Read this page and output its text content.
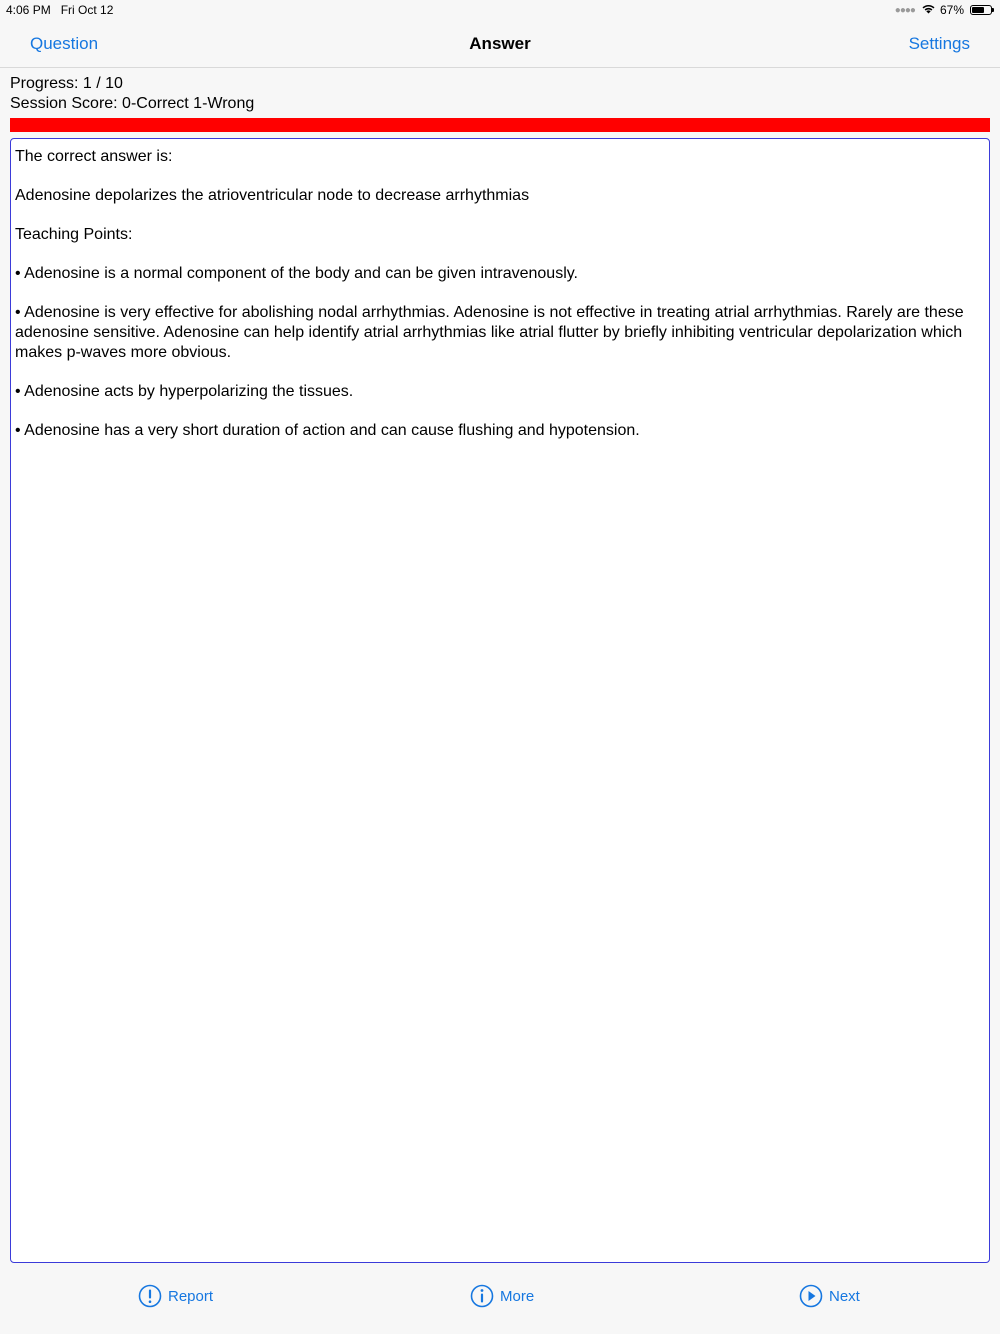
4:06 PM Fri Oct 12	●●●● 67%
Question	Answer	Settings
Progress: 1 / 10
Session Score: 0-Correct 1-Wrong

The correct answer is:

Adenosine depolarizes the atrioventricular node to decrease arrhythmias

Teaching Points:

• Adenosine is a normal component of the body and can be given intravenously.

• Adenosine is very effective for abolishing nodal arrhythmias. Adenosine is not effective in treating atrial arrhythmias. Rarely are these adenosine sensitive. Adenosine can help identify atrial arrhythmias like atrial flutter by briefly inhibiting ventricular depolarization which makes p-waves more obvious.

• Adenosine acts by hyperpolarizing the tissues.

• Adenosine has a very short duration of action and can cause flushing and hypotension.

Report	More	Next
